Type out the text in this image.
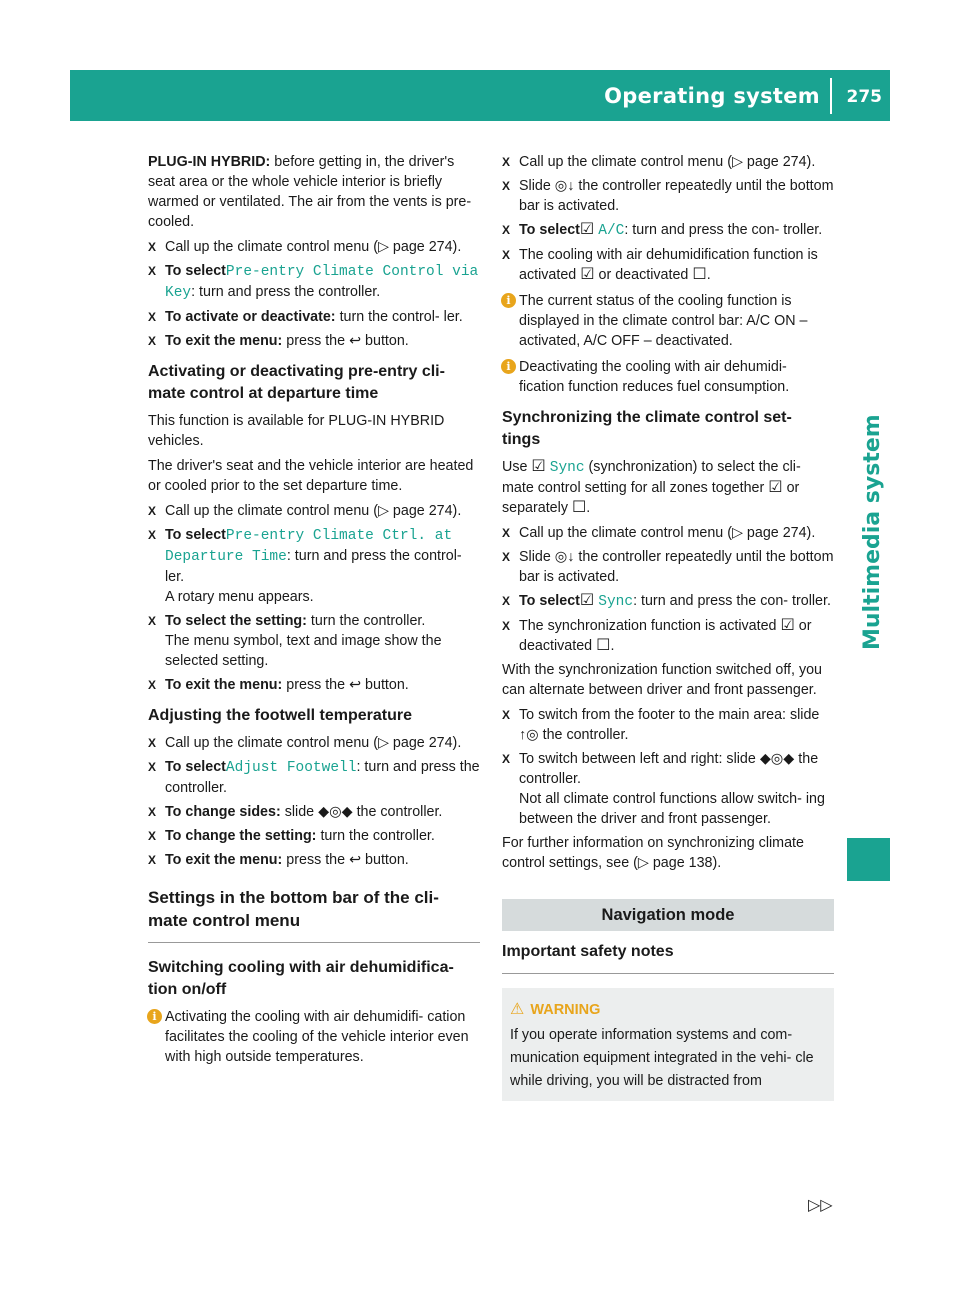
Operating system 275
Multimedia system

PLUG-IN HYBRID: before getting in, the driver's seat area or the whole vehicle interior is briefly warmed or ventilated. The air from the vents is pre-cooled.

X Call up the climate control menu (▷ page 274).
X To selectPre-entry Climate Control via Key: turn and press the controller.
X To activate or deactivate: turn the control- ler.
X To exit the menu: press the ↩ button.
Activating or deactivating pre-entry cli- mate control at departure time

This function is available for PLUG-IN HYBRID vehicles.

The driver's seat and the vehicle interior are heated or cooled prior to the set departure time.

X Call up the climate control menu (▷ page 274).
X To selectPre-entry Climate Ctrl. at Departure Time: turn and press the control- ler.
A rotary menu appears.
X To select the setting: turn the controller.
The menu symbol, text and image show the selected setting.
X To exit the menu: press the ↩ button.
Adjusting the footwell temperature
X Call up the climate control menu (▷ page 274).
X To selectAdjust Footwell: turn and press the controller.
X To change sides: slide ◆◎◆ the controller.
X To change the setting: turn the controller.
X To exit the menu: press the ↩ button.
Settings in the bottom bar of the cli- mate control menu
Switching cooling with air dehumidifica- tion on/off
i Activating the cooling with air dehumidifi- cation facilitates the cooling of the vehicle interior even with high outside temperatures.
X Call up the climate control menu (▷ page 274).
X Slide ◎↓ the controller repeatedly until the bottom bar is activated.
X To select☑ A/C: turn and press the con- troller.
X The cooling with air dehumidification function is activated ☑ or deactivated ☐.
i The current status of the cooling function is displayed in the climate control bar: A/C ON – activated, A/C OFF – deactivated.
i Deactivating the cooling with air dehumidi- fication function reduces fuel consumption.
Synchronizing the climate control set- tings

Use ☑ Sync (synchronization) to select the cli- mate control setting for all zones together ☑ or separately ☐.

X Call up the climate control menu (▷ page 274).
X Slide ◎↓ the controller repeatedly until the bottom bar is activated.
X To select☑ Sync: turn and press the con- troller.
X The synchronization function is activated ☑ or deactivated ☐.

With the synchronization function switched off, you can alternate between driver and front passenger.

X To switch from the footer to the main area: slide ↑◎ the controller.
X To switch between left and right: slide ◆◎◆ the controller.
Not all climate control functions allow switch- ing between the driver and front passenger.

For further information on synchronizing climate control settings, see (▷ page 138).

Navigation mode
Important safety notes
⚠ WARNING
If you operate information systems and com- munication equipment integrated in the vehi- cle while driving, you will be distracted from
▷▷
